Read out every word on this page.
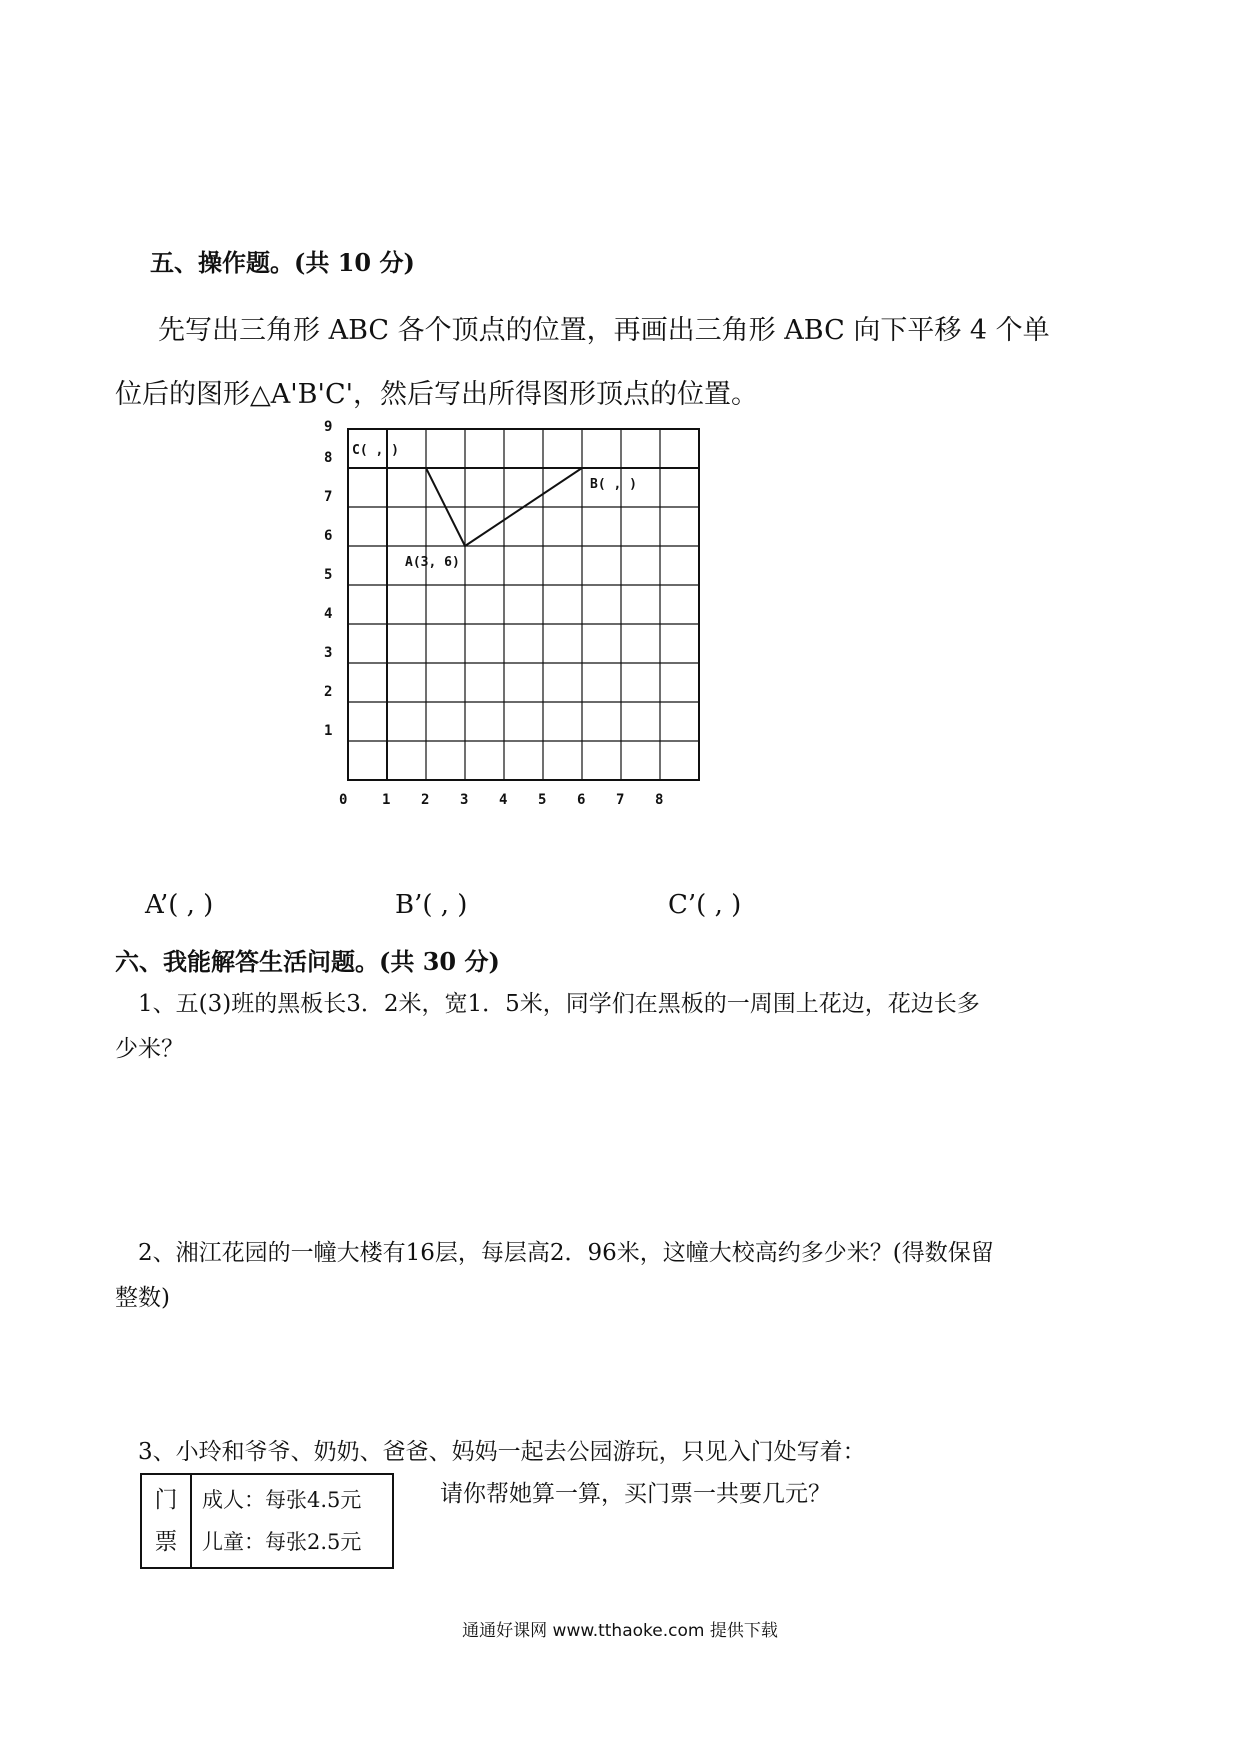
五、操作题。(共 10 分)
先写出三角形 ABC 各个顶点的位置，再画出三角形 ABC 向下平移 4 个单
位后的图形△A'B'C'，然后写出所得图形顶点的位置。
0 1 2 3 4 5 6 7 8
1
2
3
4
5
6
7
8
9
A(3, 6)
B( , )
C( , )
A’( , )	B’( , )	C’( , )
六、我能解答生活问题。(共 30 分)
1、五(3)班的黑板长3．2米，宽1．5米，同学们在黑板的一周围上花边，花边长多
少米？
2、湘江花园的一幢大楼有16层，每层高2．96米，这幢大校高约多少米？(得数保留
整数)
3、小玲和爷爷、奶奶、爸爸、妈妈一起去公园游玩，只见入门处写着：
门
票
成人：每张4.5元
儿童：每张2.5元
请你帮她算一算，买门票一共要几元？
通通好课网 www.tthaoke.com 提供下载
